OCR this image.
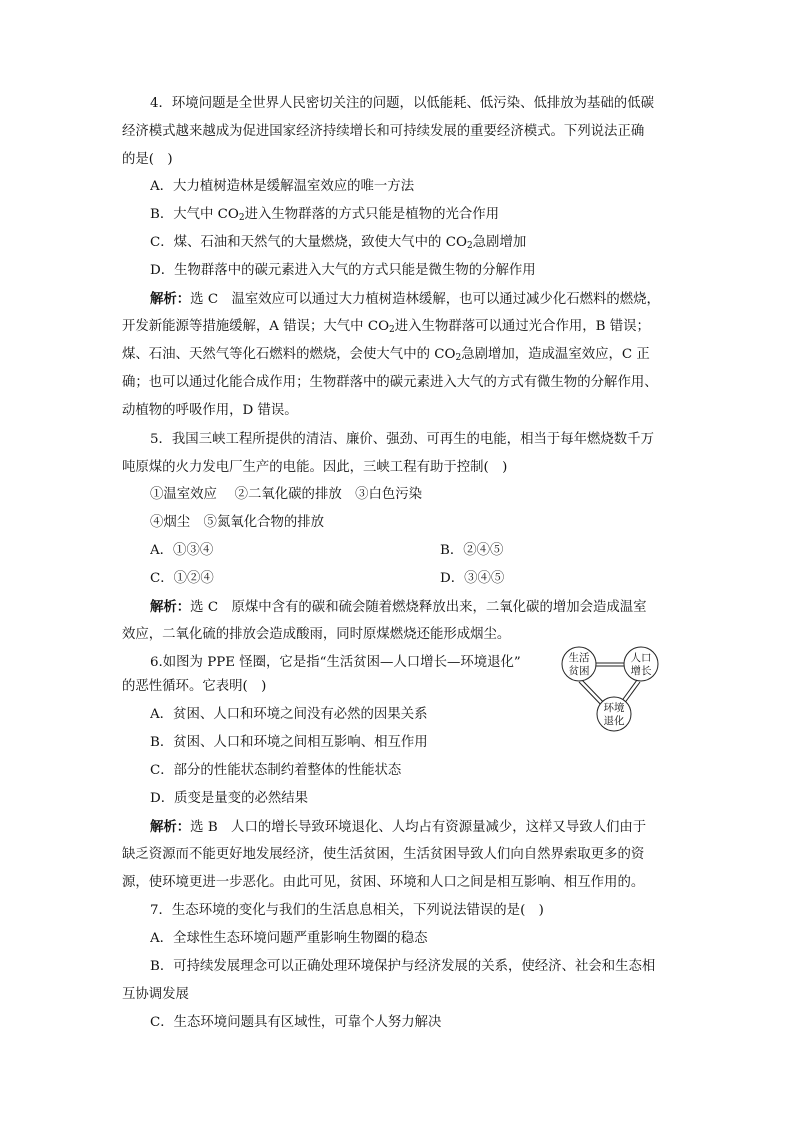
4．环境问题是全世界人民密切关注的问题，以低能耗、低污染、低排放为基础的低碳
经济模式越来越成为促进国家经济持续增长和可持续发展的重要经济模式。下列说法正确
的是(　)
A．大力植树造林是缓解温室效应的唯一方法
B．大气中 $CO_2$进入生物群落的方式只能是植物的光合作用
C．煤、石油和天然气的大量燃烧，致使大气中的 $CO_2$急剧增加
D．生物群落中的碳元素进入大气的方式只能是微生物的分解作用
解析：选 C　温室效应可以通过大力植树造林缓解，也可以通过减少化石燃料的燃烧，
开发新能源等措施缓解，A 错误；大气中 $CO_2$进入生物群落可以通过光合作用，B 错误；
煤、石油、天然气等化石燃料的燃烧，会使大气中的 $CO_2$急剧增加，造成温室效应，C 正
确；也可以通过化能合成作用；生物群落中的碳元素进入大气的方式有微生物的分解作用、
动植物的呼吸作用，D 错误。
5．我国三峡工程所提供的清洁、廉价、强劲、可再生的电能，相当于每年燃烧数千万
吨原煤的火力发电厂生产的电能。因此，三峡工程有助于控制(　)
①温室效应　 ②二氧化碳的排放　③白色污染
④烟尘　⑤氮氧化合物的排放
A．①③④	B．②④⑤
C．①②④	D．③④⑤
解析：选 C　原煤中含有的碳和硫会随着燃烧释放出来，二氧化碳的增加会造成温室
效应，二氧化硫的排放会造成酸雨，同时原煤燃烧还能形成烟尘。
6.如图为 PPE 怪圈，它是指“生活贫困—人口增长—环境退化”
的恶性循环。它表明(　)
A．贫困、人口和环境之间没有必然的因果关系
B．贫困、人口和环境之间相互影响、相互作用
C．部分的性能状态制约着整体的性能状态
D．质变是量变的必然结果
解析：选 B　人口的增长导致环境退化、人均占有资源量减少，这样又导致人们由于
缺乏资源而不能更好地发展经济，使生活贫困，生活贫困导致人们向自然界索取更多的资
源，使环境更进一步恶化。由此可见，贫困、环境和人口之间是相互影响、相互作用的。
生活
贫困
人口
增长
环境
退化
7．生态环境的变化与我们的生活息息相关，下列说法错误的是(　)
A．全球性生态环境问题严重影响生物圈的稳态
B．可持续发展理念可以正确处理环境保护与经济发展的关系，使经济、社会和生态相
互协调发展
C．生态环境问题具有区域性，可靠个人努力解决
